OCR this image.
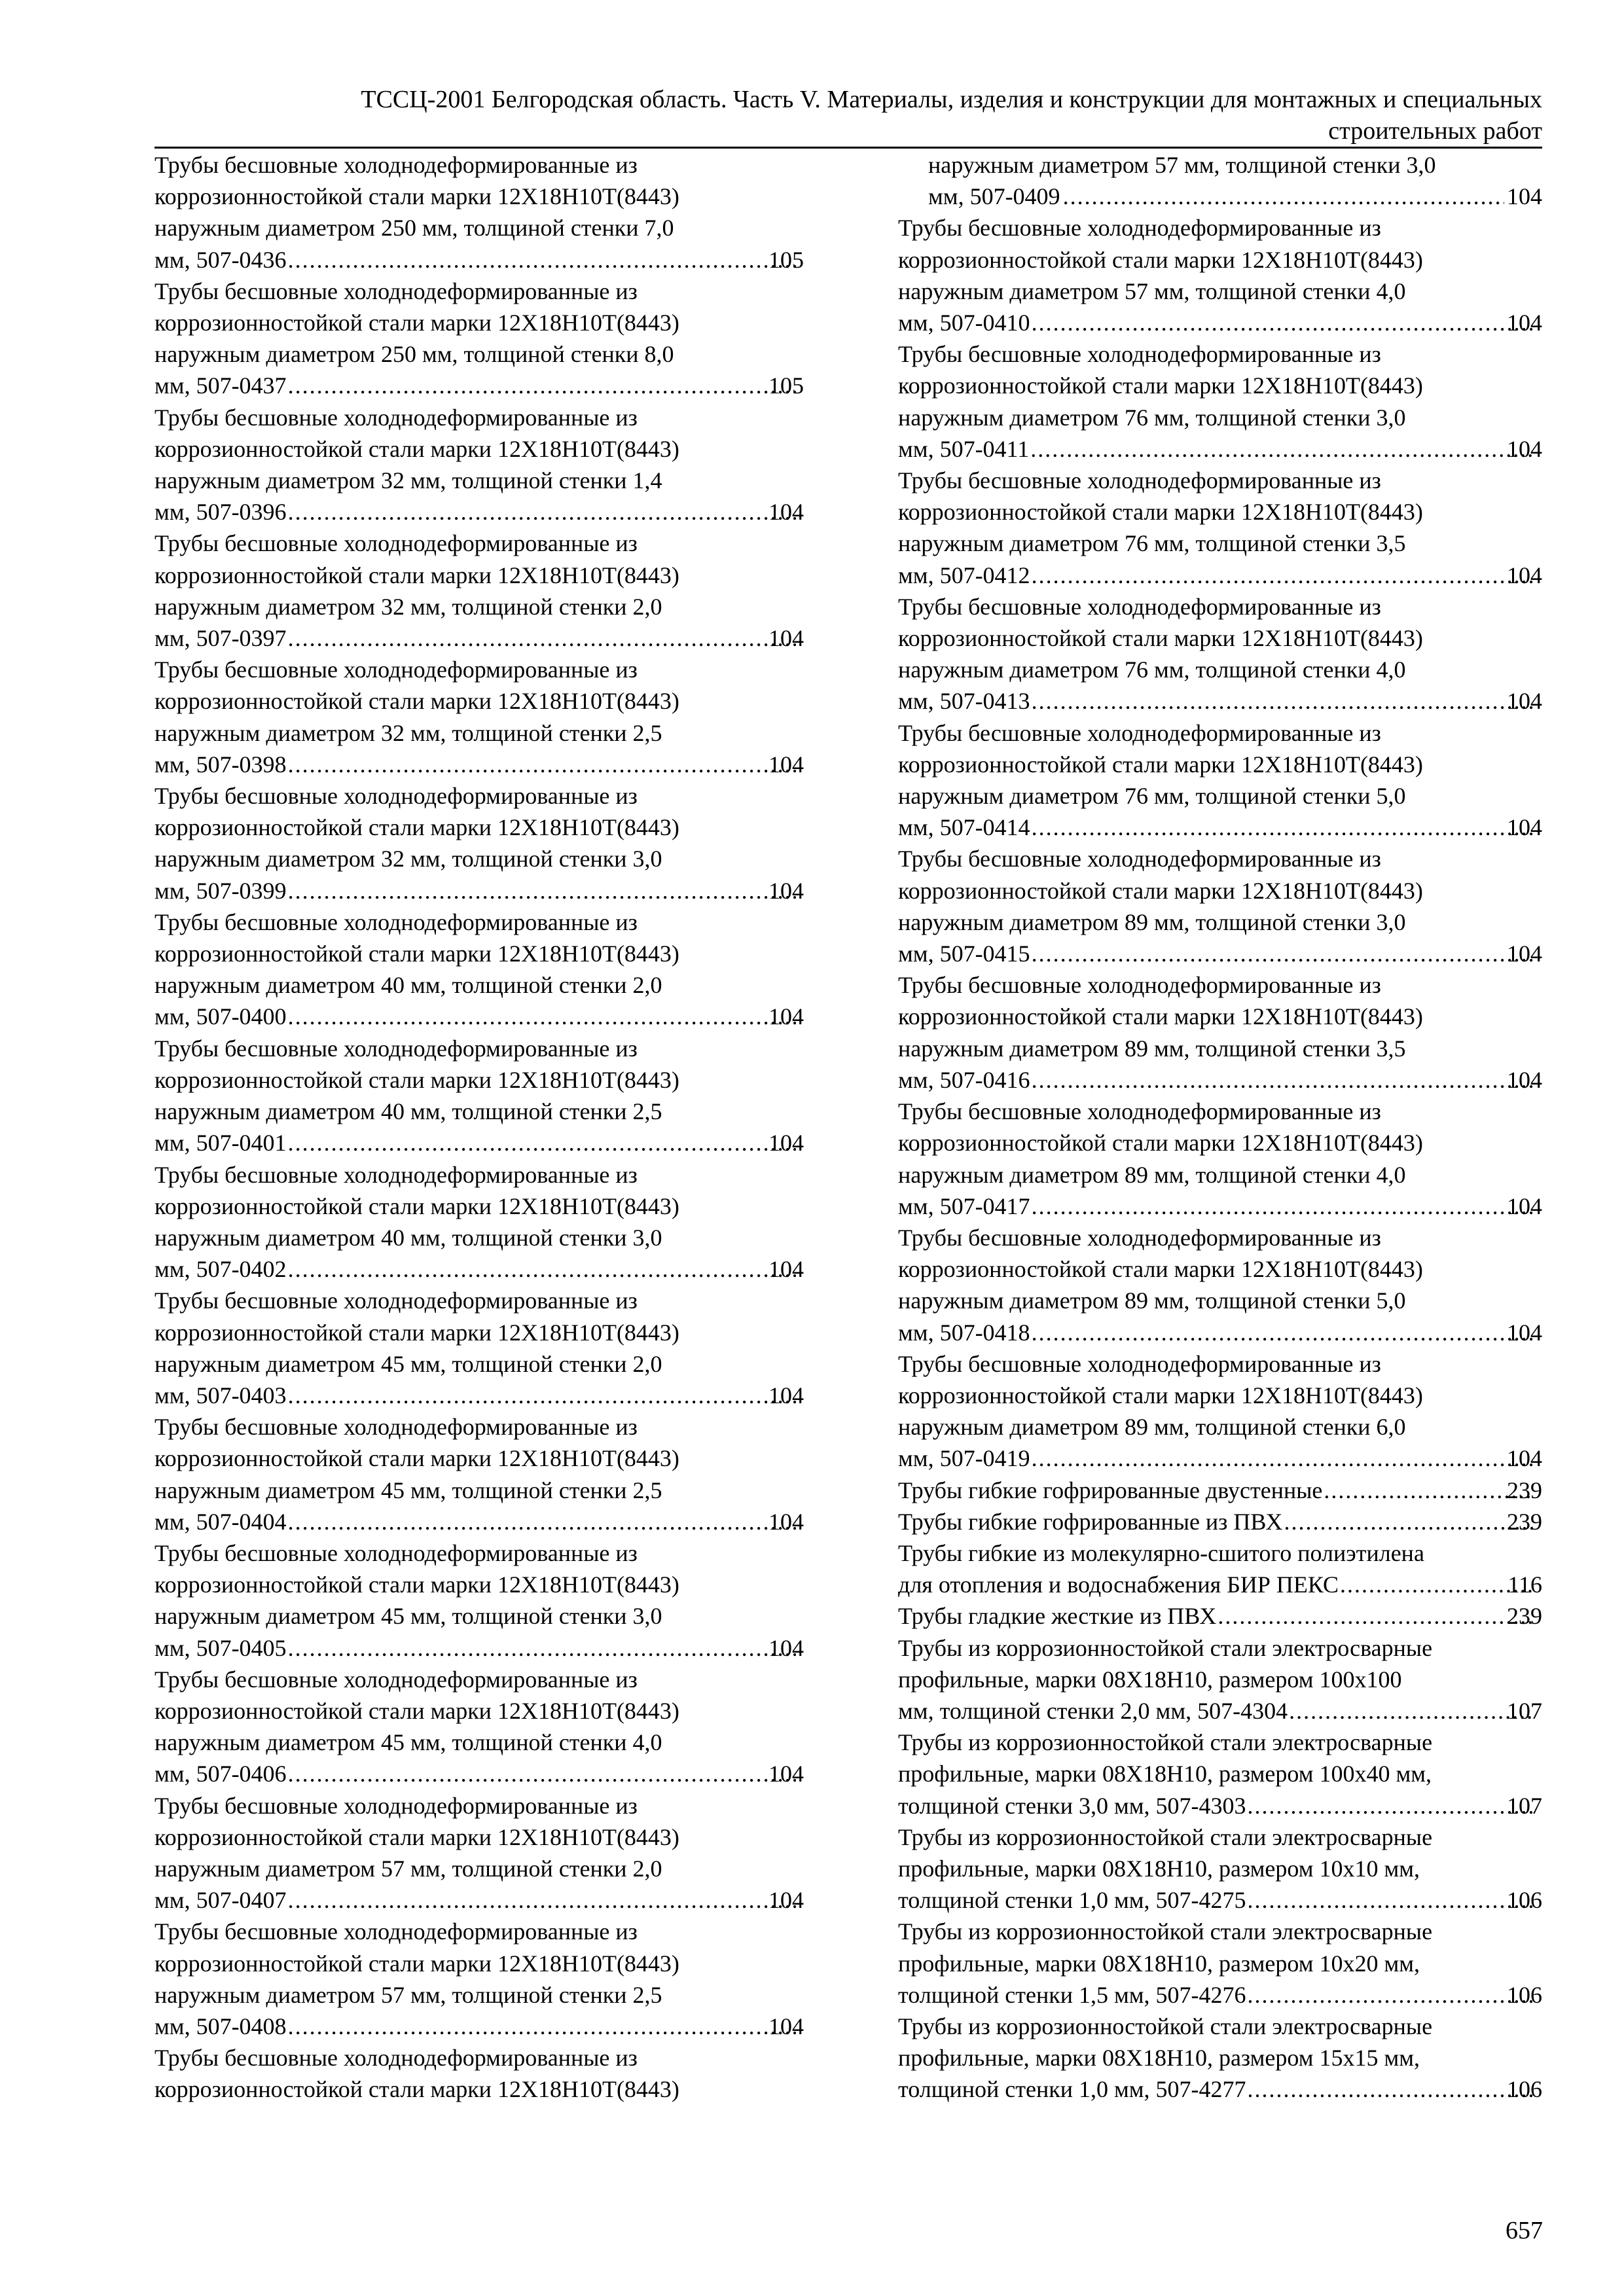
ТССЦ-2001 Белгородская область. Часть V. Материалы, изделия и конструкции для монтажных и специальных
строительных работ
Трубы бесшовные холоднодеформированные из
коррозионностойкой стали марки 12Х18Н10Т(8443)
наружным диаметром 250 мм, толщиной стенки 7,0
мм, 507-0436 .....	105
Трубы бесшовные холоднодеформированные из
коррозионностойкой стали марки 12Х18Н10Т(8443)
наружным диаметром 250 мм, толщиной стенки 8,0
мм, 507-0437 .....	105
Трубы бесшовные холоднодеформированные из
коррозионностойкой стали марки 12Х18Н10Т(8443)
наружным диаметром 32 мм, толщиной стенки 1,4
мм, 507-0396 .....	104
Трубы бесшовные холоднодеформированные из
коррозионностойкой стали марки 12Х18Н10Т(8443)
наружным диаметром 32 мм, толщиной стенки 2,0
мм, 507-0397 .....	104
Трубы бесшовные холоднодеформированные из
коррозионностойкой стали марки 12Х18Н10Т(8443)
наружным диаметром 32 мм, толщиной стенки 2,5
мм, 507-0398 .....	104
Трубы бесшовные холоднодеформированные из
коррозионностойкой стали марки 12Х18Н10Т(8443)
наружным диаметром 32 мм, толщиной стенки 3,0
мм, 507-0399 .....	104
Трубы бесшовные холоднодеформированные из
коррозионностойкой стали марки 12Х18Н10Т(8443)
наружным диаметром 40 мм, толщиной стенки 2,0
мм, 507-0400 .....	104
Трубы бесшовные холоднодеформированные из
коррозионностойкой стали марки 12Х18Н10Т(8443)
наружным диаметром 40 мм, толщиной стенки 2,5
мм, 507-0401 .....	104
Трубы бесшовные холоднодеформированные из
коррозионностойкой стали марки 12Х18Н10Т(8443)
наружным диаметром 40 мм, толщиной стенки 3,0
мм, 507-0402 .....	104
Трубы бесшовные холоднодеформированные из
коррозионностойкой стали марки 12Х18Н10Т(8443)
наружным диаметром 45 мм, толщиной стенки 2,0
мм, 507-0403 .....	104
Трубы бесшовные холоднодеформированные из
коррозионностойкой стали марки 12Х18Н10Т(8443)
наружным диаметром 45 мм, толщиной стенки 2,5
мм, 507-0404 .....	104
Трубы бесшовные холоднодеформированные из
коррозионностойкой стали марки 12Х18Н10Т(8443)
наружным диаметром 45 мм, толщиной стенки 3,0
мм, 507-0405 .....	104
Трубы бесшовные холоднодеформированные из
коррозионностойкой стали марки 12Х18Н10Т(8443)
наружным диаметром 45 мм, толщиной стенки 4,0
мм, 507-0406 .....	104
Трубы бесшовные холоднодеформированные из
коррозионностойкой стали марки 12Х18Н10Т(8443)
наружным диаметром 57 мм, толщиной стенки 2,0
мм, 507-0407 .....	104
Трубы бесшовные холоднодеформированные из
коррозионностойкой стали марки 12Х18Н10Т(8443)
наружным диаметром 57 мм, толщиной стенки 2,5
мм, 507-0408 .....	104
Трубы бесшовные холоднодеформированные из
коррозионностойкой стали марки 12Х18Н10Т(8443)
наружным диаметром 57 мм, толщиной стенки 3,0
мм, 507-0409 .....	104
Трубы бесшовные холоднодеформированные из
коррозионностойкой стали марки 12Х18Н10Т(8443)
наружным диаметром 57 мм, толщиной стенки 4,0
мм, 507-0410 .....	104
Трубы бесшовные холоднодеформированные из
коррозионностойкой стали марки 12Х18Н10Т(8443)
наружным диаметром 76 мм, толщиной стенки 3,0
мм, 507-0411 .....	104
Трубы бесшовные холоднодеформированные из
коррозионностойкой стали марки 12Х18Н10Т(8443)
наружным диаметром 76 мм, толщиной стенки 3,5
мм, 507-0412 .....	104
Трубы бесшовные холоднодеформированные из
коррозионностойкой стали марки 12Х18Н10Т(8443)
наружным диаметром 76 мм, толщиной стенки 4,0
мм, 507-0413 .....	104
Трубы бесшовные холоднодеформированные из
коррозионностойкой стали марки 12Х18Н10Т(8443)
наружным диаметром 76 мм, толщиной стенки 5,0
мм, 507-0414 .....	104
Трубы бесшовные холоднодеформированные из
коррозионностойкой стали марки 12Х18Н10Т(8443)
наружным диаметром 89 мм, толщиной стенки 3,0
мм, 507-0415 .....	104
Трубы бесшовные холоднодеформированные из
коррозионностойкой стали марки 12Х18Н10Т(8443)
наружным диаметром 89 мм, толщиной стенки 3,5
мм, 507-0416 .....	104
Трубы бесшовные холоднодеформированные из
коррозионностойкой стали марки 12Х18Н10Т(8443)
наружным диаметром 89 мм, толщиной стенки 4,0
мм, 507-0417 .....	104
Трубы бесшовные холоднодеформированные из
коррозионностойкой стали марки 12Х18Н10Т(8443)
наружным диаметром 89 мм, толщиной стенки 5,0
мм, 507-0418 .....	104
Трубы бесшовные холоднодеформированные из
коррозионностойкой стали марки 12Х18Н10Т(8443)
наружным диаметром 89 мм, толщиной стенки 6,0
мм, 507-0419 .....	104
Трубы гибкие гофрированные двустенные .....	239
Трубы гибкие гофрированные из ПВХ .....	239
Трубы гибкие из молекулярно-сшитого полиэтилена
для отопления и водоснабжения БИР ПЕКС .....	116
Трубы гладкие жесткие из ПВХ .....	239
Трубы из коррозионностойкой стали электросварные
профильные, марки 08Х18Н10, размером 100х100
мм, толщиной стенки 2,0 мм, 507-4304 .....	107
Трубы из коррозионностойкой стали электросварные
профильные, марки 08Х18Н10, размером 100х40 мм,
толщиной стенки 3,0 мм, 507-4303 .....	107
Трубы из коррозионностойкой стали электросварные
профильные, марки 08Х18Н10, размером 10х10 мм,
толщиной стенки 1,0 мм, 507-4275 .....	106
Трубы из коррозионностойкой стали электросварные
профильные, марки 08Х18Н10, размером 10х20 мм,
толщиной стенки 1,5 мм, 507-4276 .....	106
Трубы из коррозионностойкой стали электросварные
профильные, марки 08Х18Н10, размером 15х15 мм,
толщиной стенки 1,0 мм, 507-4277 .....	106
657
